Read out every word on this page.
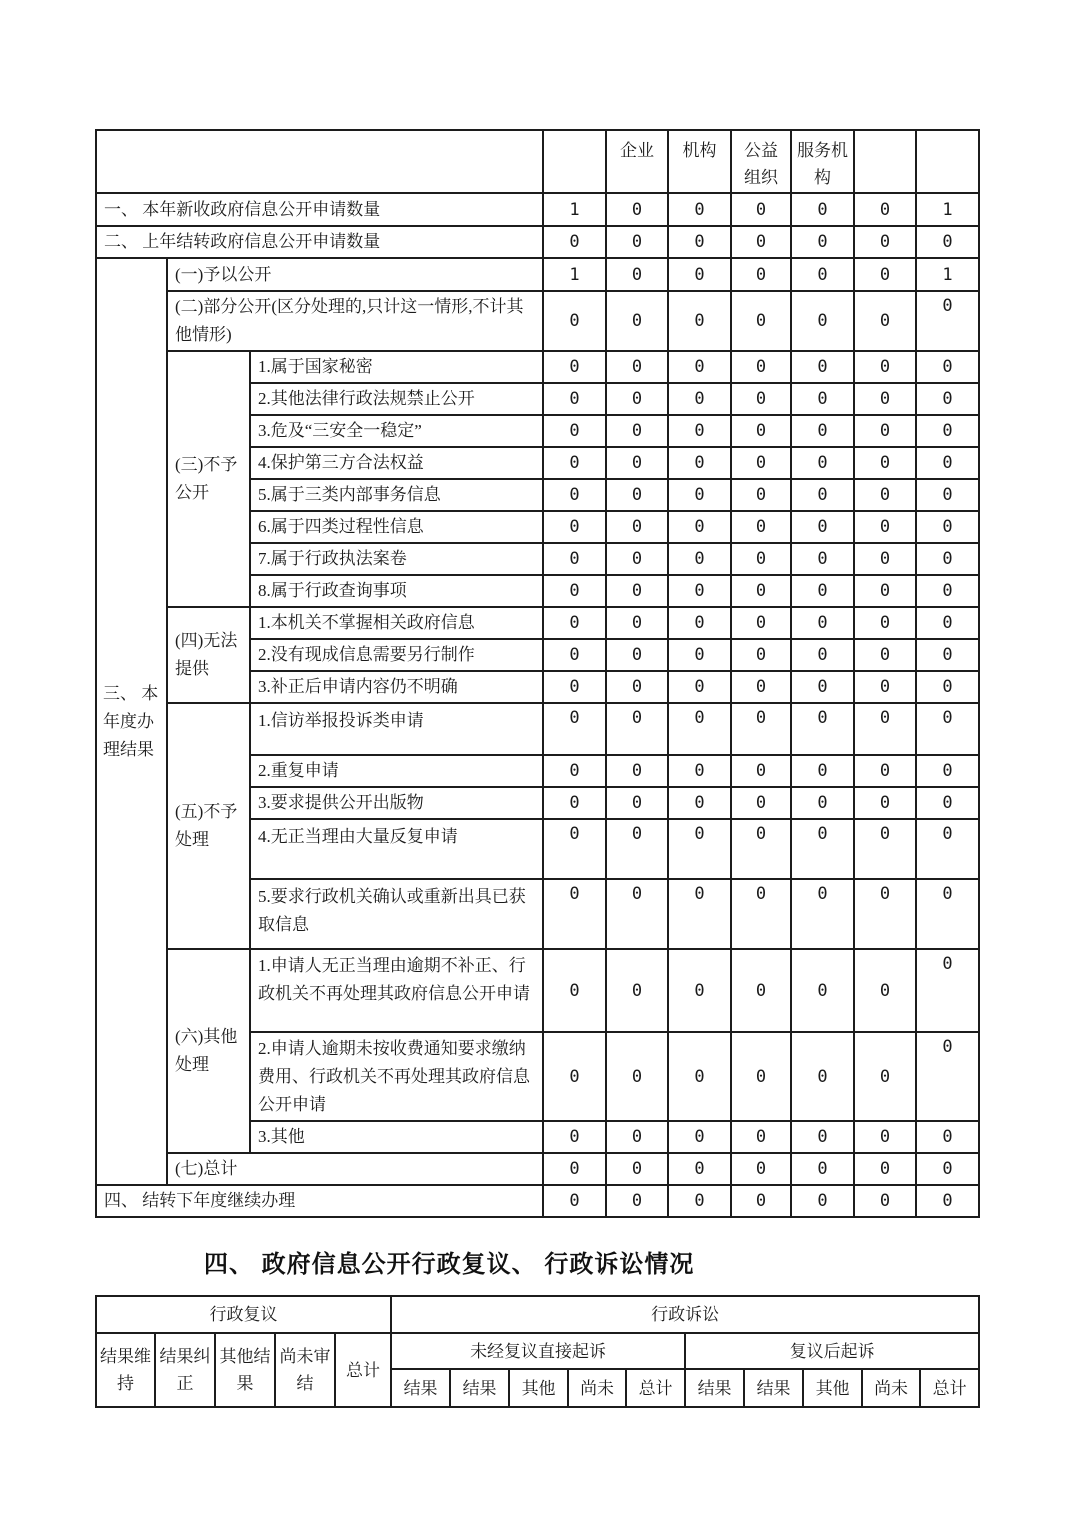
				企业	机构	公益组织	服务机构		
一、 本年新收政府信息公开申请数量			1	0	0	0	0	0	1
二、 上年结转政府信息公开申请数量			0	0	0	0	0	0	0
三、 本年度办理结果	(一)予以公开		1	0	0	0	0	0	1
	(二)部分公开(区分处理的,只计这一情形,不计其他情形)		0	0	0	0	0	0	0
	(三)不予公开	1.属于国家秘密	0	0	0	0	0	0	0
		2.其他法律行政法规禁止公开	0	0	0	0	0	0	0
		3.危及“三安全一稳定”	0	0	0	0	0	0	0
		4.保护第三方合法权益	0	0	0	0	0	0	0
		5.属于三类内部事务信息	0	0	0	0	0	0	0
		6.属于四类过程性信息	0	0	0	0	0	0	0
		7.属于行政执法案卷	0	0	0	0	0	0	0
		8.属于行政查询事项	0	0	0	0	0	0	0
	(四)无法提供	1.本机关不掌握相关政府信息	0	0	0	0	0	0	0
		2.没有现成信息需要另行制作	0	0	0	0	0	0	0
		3.补正后申请内容仍不明确	0	0	0	0	0	0	0
	(五)不予处理	1.信访举报投诉类申请	0	0	0	0	0	0	0
		2.重复申请	0	0	0	0	0	0	0
		3.要求提供公开出版物	0	0	0	0	0	0	0
		4.无正当理由大量反复申请	0	0	0	0	0	0	0
		5.要求行政机关确认或重新出具已获取信息	0	0	0	0	0	0	0
	(六)其他处理	1.申请人无正当理由逾期不补正、行政机关不再处理其政府信息公开申请	0	0	0	0	0	0	0
		2.申请人逾期未按收费通知要求缴纳费用、行政机关不再处理其政府信息公开申请	0	0	0	0	0	0	0
		3.其他	0	0	0	0	0	0	0
	(七)总计		0	0	0	0	0	0	0
四、 结转下年度继续办理			0	0	0	0	0	0	0
四、 政府信息公开行政复议、 行政诉讼情况
行政复议					行政诉讼									
结果维持	结果纠正	其他结果	尚未审结	总计	未经复议直接起诉					复议后起诉				
					结果	结果	其他	尚未	总计	结果	结果	其他	尚未	总计
